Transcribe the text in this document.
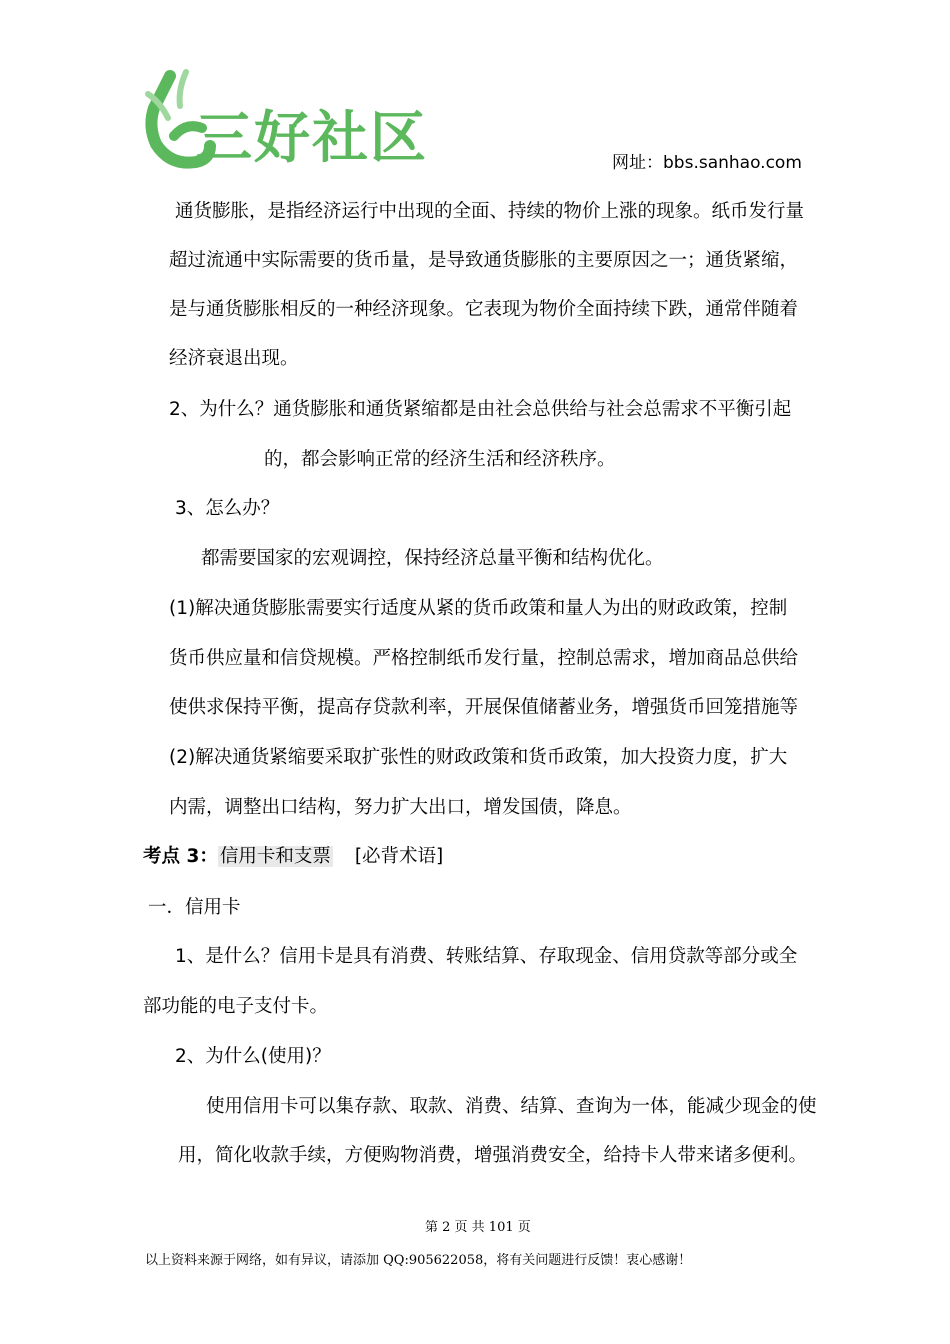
三好社区	网址：bbs.sanhao.com
通货膨胀，是指经济运行中出现的全面、持续的物价上涨的现象。纸币发行量
超过流通中实际需要的货币量，是导致通货膨胀的主要原因之一；通货紧缩，
是与通货膨胀相反的一种经济现象。它表现为物价全面持续下跌，通常伴随着
经济衰退出现。
2、为什么？通货膨胀和通货紧缩都是由社会总供给与社会总需求不平衡引起
的，都会影响正常的经济生活和经济秩序。
3、怎么办？
都需要国家的宏观调控，保持经济总量平衡和结构优化。
(1)解决通货膨胀需要实行适度从紧的货币政策和量人为出的财政政策，控制
货币供应量和信贷规模。严格控制纸币发行量，控制总需求，增加商品总供给
使供求保持平衡，提高存贷款利率，开展保值储蓄业务，增强货币回笼措施等
(2)解决通货紧缩要采取扩张性的财政政策和货币政策，加大投资力度，扩大
内需，调整出口结构，努力扩大出口，增发国债，降息。
考点 3： 信用卡和支票 [必背术语]
一．信用卡
1、是什么？信用卡是具有消费、转账结算、存取现金、信用贷款等部分或全
部功能的电子支付卡。
2、为什么(使用)？
使用信用卡可以集存款、取款、消费、结算、查询为一体，能减少现金的使
用，简化收款手续，方便购物消费，增强消费安全，给持卡人带来诸多便利。
第 2 页 共 101 页
以上资料来源于网络，如有异议，请添加 QQ:905622058，将有关问题进行反馈！衷心感谢！
